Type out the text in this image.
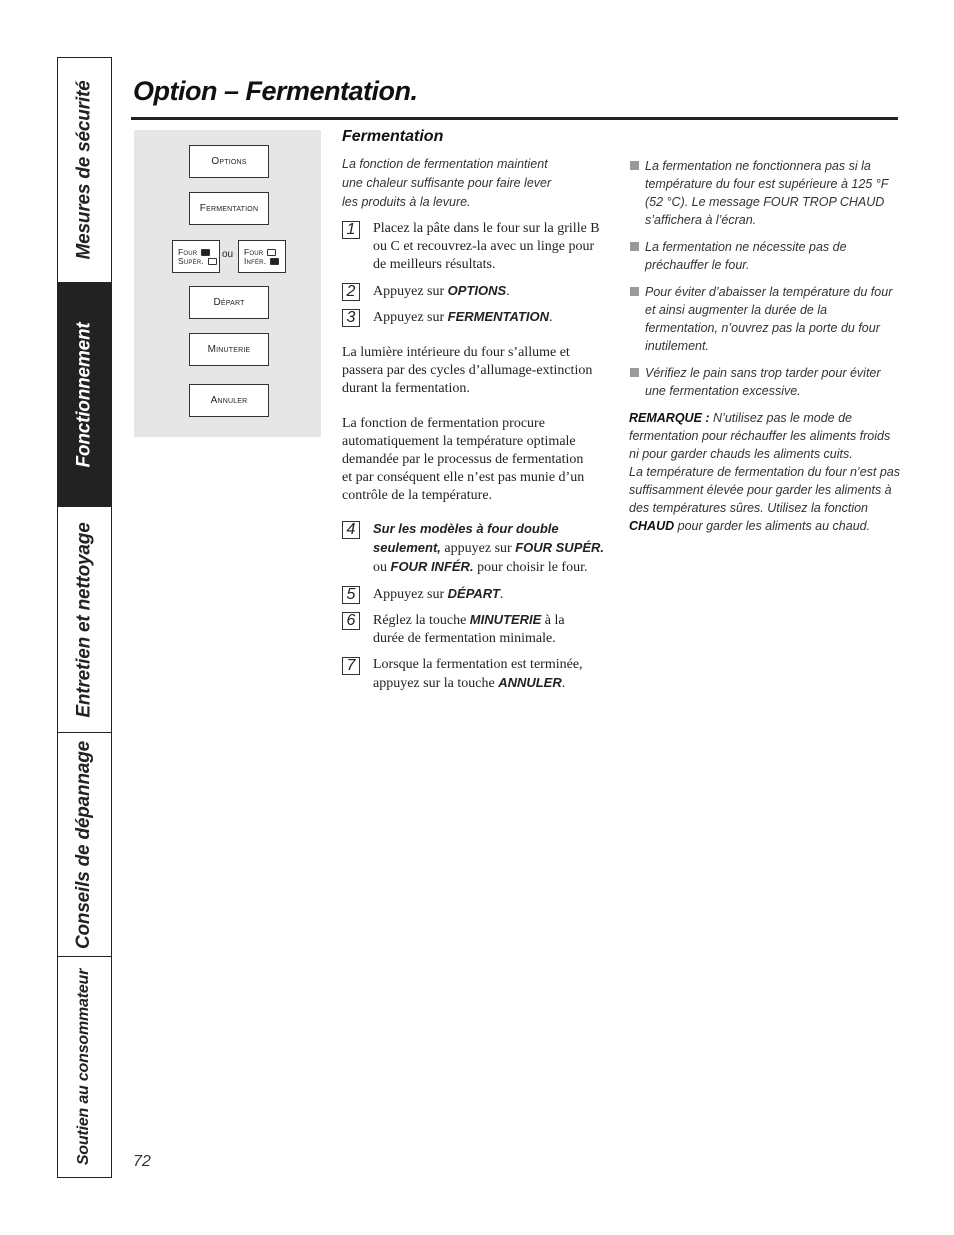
Mesures de sécurité
Fonctionnement
Entretien et nettoyage
Conseils de dépannage
Soutien au consommateur
Option – Fermentation.
Options
Fermentation
Four
Supér.
ou Four
Infér.
Départ
Minuterie
Annuler
Fermentation

La fonction de fermentation maintient une chaleur suffisante pour faire lever les produits à la levure.

1	Placez la pâte dans le four sur la grille B ou C et recouvrez-la avec un linge pour de meilleurs résultats.
2	Appuyez sur OPTIONS.
3	Appuyez sur FERMENTATION.

La lumière intérieure du four s’allume et passera par des cycles d’allumage-extinction durant la fermentation.

La fonction de fermentation procure automatiquement la température optimale demandée par le processus de fermentation et par conséquent elle n’est pas munie d’un contrôle de la température.

4	Sur les modèles à four double seulement, appuyez sur FOUR SUPÉR. ou FOUR INFÉR. pour choisir le four.
5	Appuyez sur DÉPART.
6	Réglez la touche MINUTERIE à la durée de fermentation minimale.
7	Lorsque la fermentation est terminée, appuyez sur la touche ANNULER.
La fermentation ne fonctionnera pas si la température du four est supérieure à 125 °F (52 °C). Le message FOUR TROP CHAUD s’affichera à l’écran.
La fermentation ne nécessite pas de préchauffer le four.
Pour éviter d’abaisser la température du four et ainsi augmenter la durée de la fermentation, n’ouvrez pas la porte du four inutilement.
Vérifiez le pain sans trop tarder pour éviter une fermentation excessive.

REMARQUE : N’utilisez pas le mode de fermentation pour réchauffer les aliments froids ni pour garder chauds les aliments cuits.
La température de fermentation du four n’est pas suffisamment élevée pour garder les aliments à des températures sûres. Utilisez la fonction CHAUD pour garder les aliments au chaud.

72
